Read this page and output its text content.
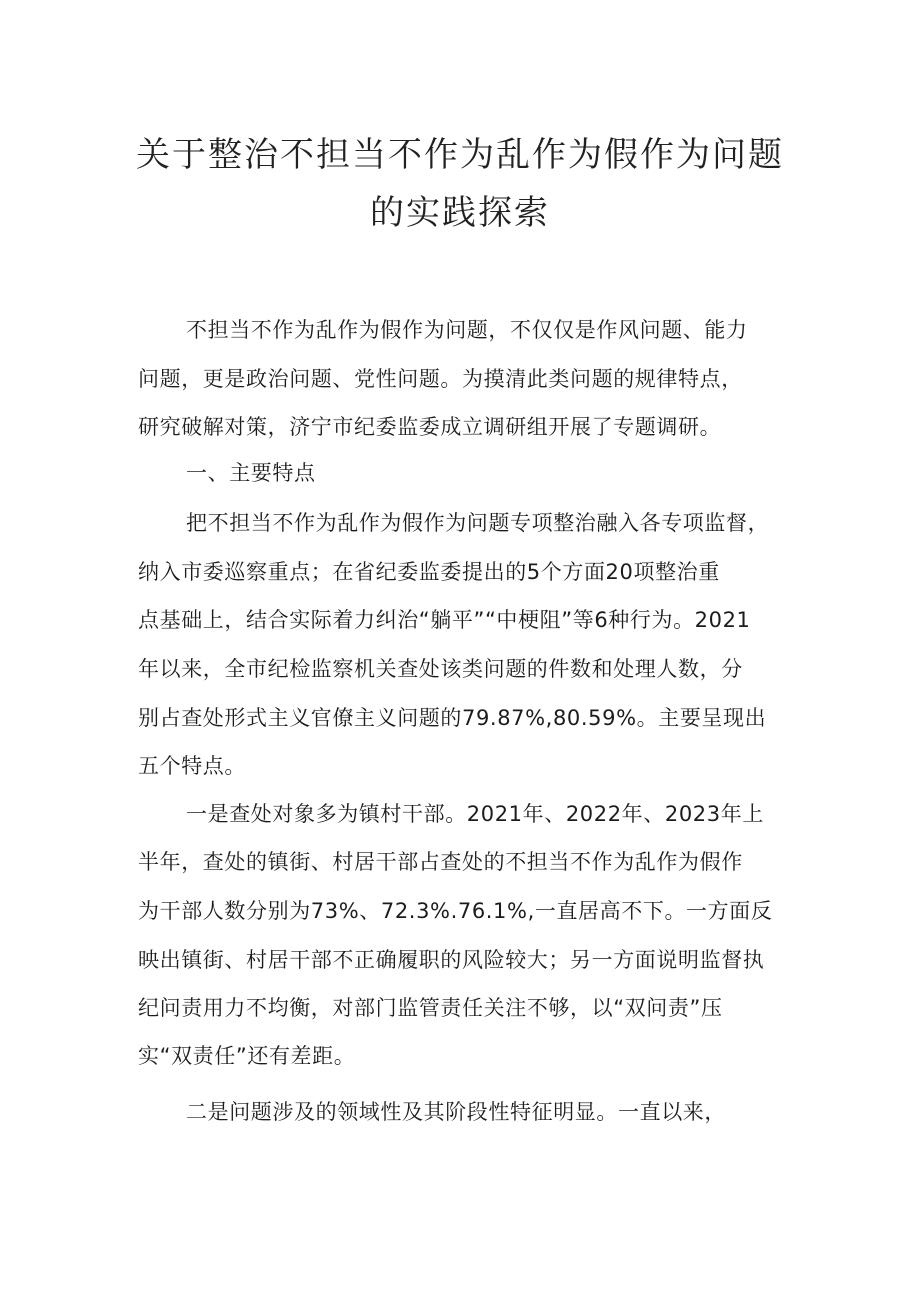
关于整治不担当不作为乱作为假作为问题
的实践探索
不担当不作为乱作为假作为问题，不仅仅是作风问题、能力
问题，更是政治问题、党性问题。为摸清此类问题的规律特点，
研究破解对策，济宁市纪委监委成立调研组开展了专题调研。
一、主要特点
把不担当不作为乱作为假作为问题专项整治融入各专项监督，
纳入市委巡察重点；在省纪委监委提出的5个方面20项整治重
点基础上，结合实际着力纠治“躺平”“中梗阻”等6种行为。2021
年以来，全市纪检监察机关查处该类问题的件数和处理人数，分
别占查处形式主义官僚主义问题的79.87%,80.59%。主要呈现出
五个特点。
一是查处对象多为镇村干部。2021年、2022年、2023年上
半年，查处的镇街、村居干部占查处的不担当不作为乱作为假作
为干部人数分别为73%、72.3%.76.1%,一直居高不下。一方面反
映出镇街、村居干部不正确履职的风险较大；另一方面说明监督执
纪问责用力不均衡，对部门监管责任关注不够，以“双问责”压
实“双责任”还有差距。
二是问题涉及的领域性及其阶段性特征明显。一直以来，
